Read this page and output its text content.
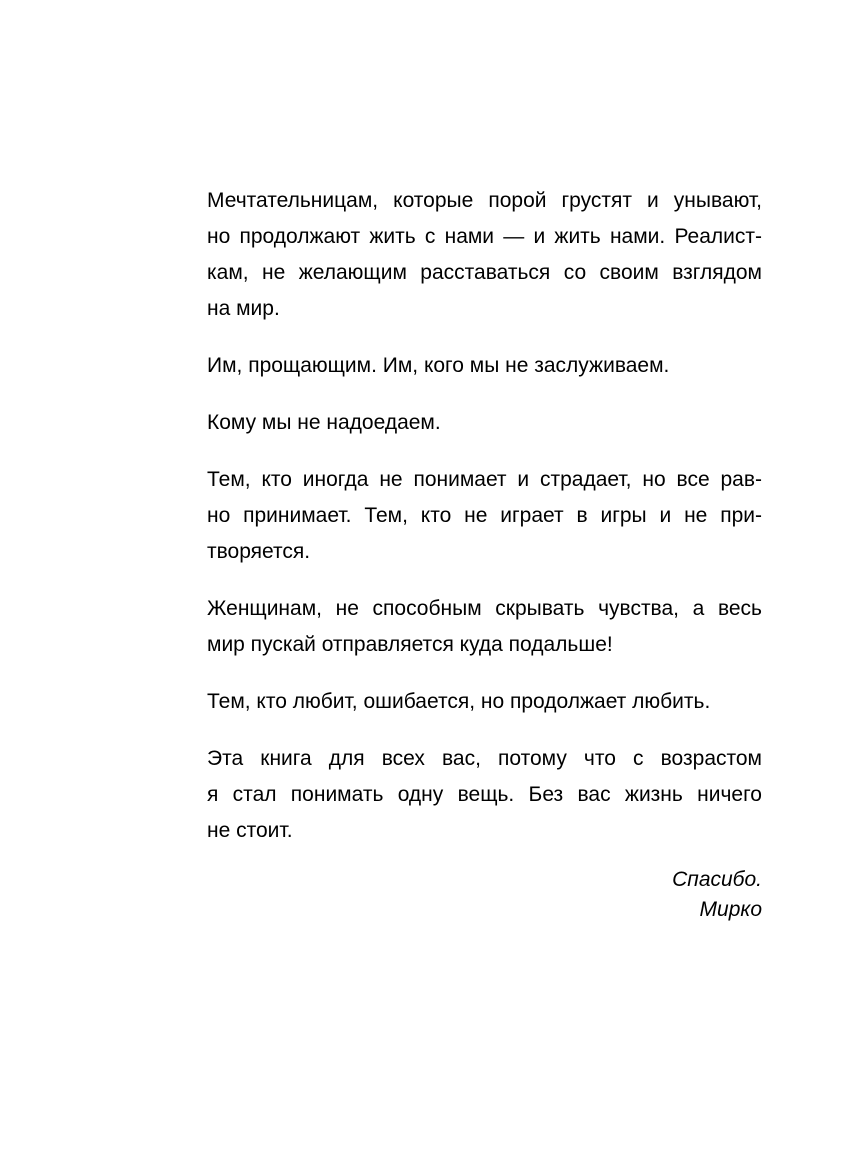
Мечтательницам, которые порой грустят и унывают,
но продолжают жить с нами — и жить нами. Реалист-
кам, не желающим расставаться со своим взглядом
на мир.
Им, прощающим. Им, кого мы не заслуживаем.
Кому мы не надоедаем.
Тем, кто иногда не понимает и страдает, но все рав-
но принимает. Тем, кто не играет в игры и не при-
творяется.
Женщинам, не способным скрывать чувства, а весь
мир пускай отправляется куда подальше!
Тем, кто любит, ошибается, но продолжает любить.
Эта книга для всех вас, потому что с возрастом
я стал понимать одну вещь. Без вас жизнь ничего
не стоит.
Спасибо.
Мирко
